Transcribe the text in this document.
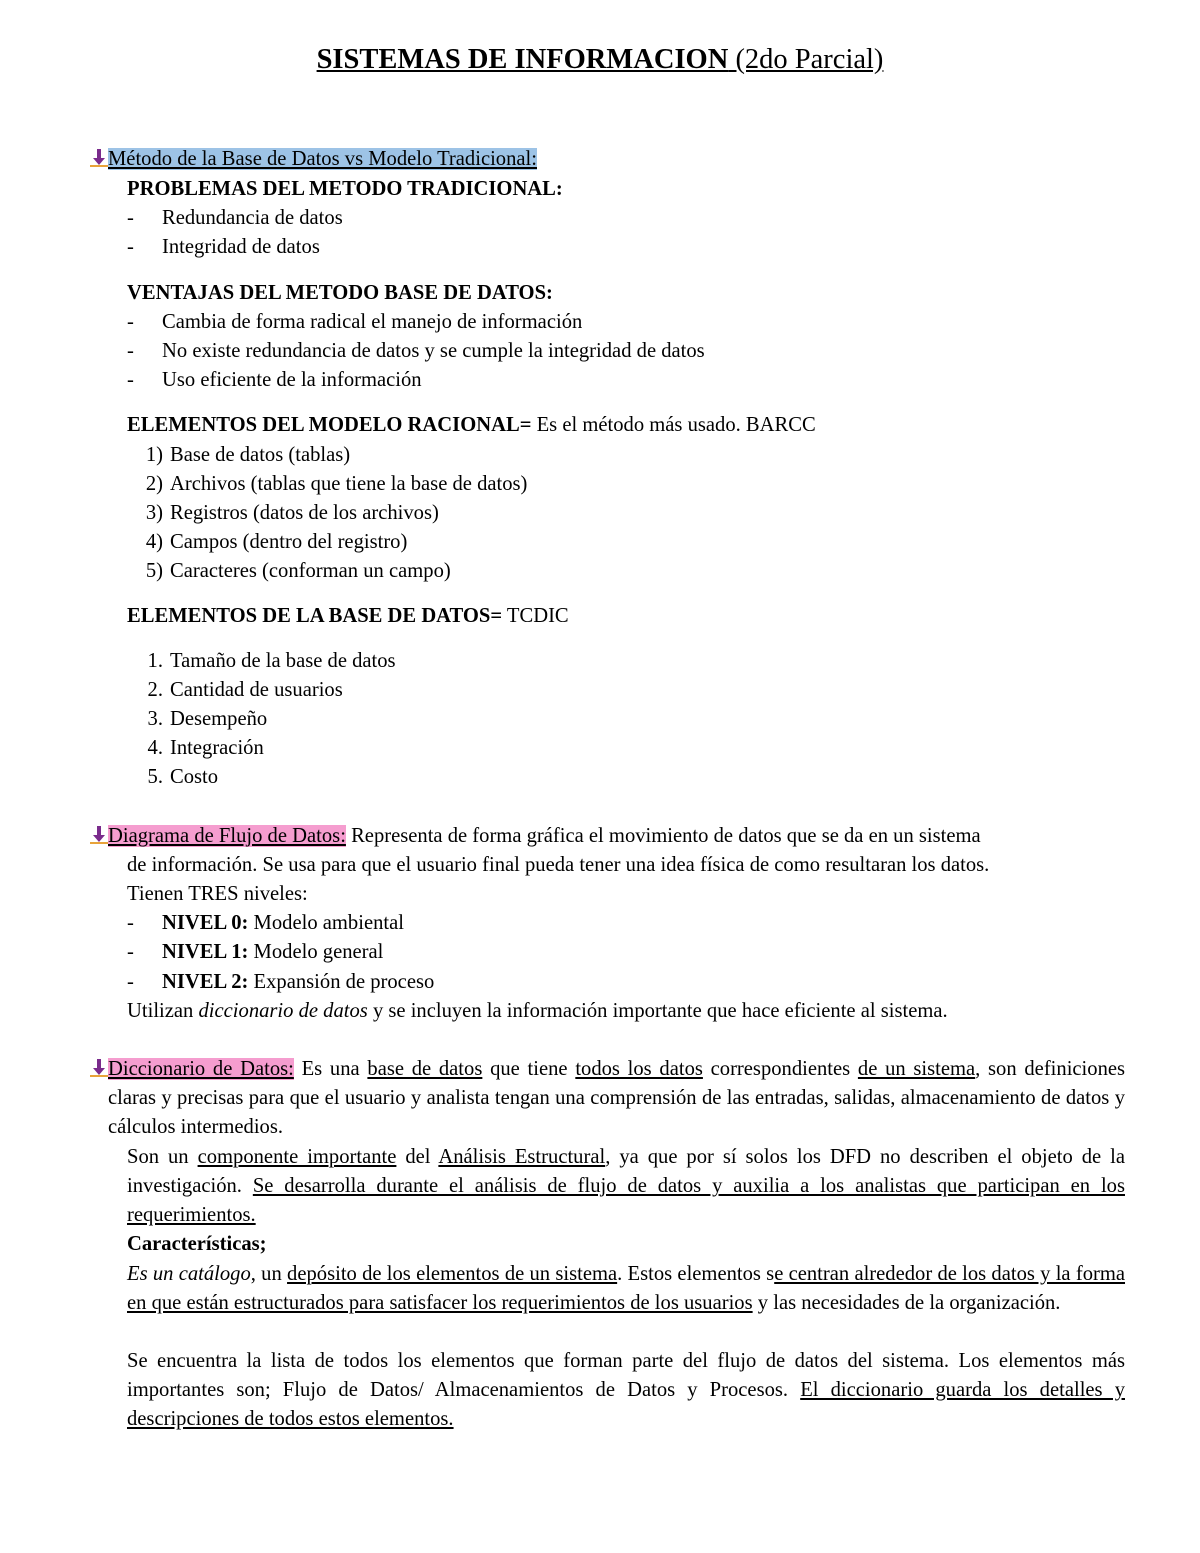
SISTEMAS DE INFORMACION (2do Parcial)
Método de la Base de Datos vs Modelo Tradicional:
PROBLEMAS DEL METODO TRADICIONAL:
- Redundancia de datos
- Integridad de datos
VENTAJAS DEL METODO BASE DE DATOS:
- Cambia de forma radical el manejo de información
- No existe redundancia de datos y se cumple la integridad de datos
- Uso eficiente de la información
ELEMENTOS DEL MODELO RACIONAL= Es el método más usado. BARCC
1) Base de datos (tablas)
2) Archivos (tablas que tiene la base de datos)
3) Registros (datos de los archivos)
4) Campos (dentro del registro)
5) Caracteres (conforman un campo)
ELEMENTOS DE LA BASE DE DATOS= TCDIC
1. Tamaño de la base de datos
2. Cantidad de usuarios
3. Desempeño
4. Integración
5. Costo
Diagrama de Flujo de Datos: Representa de forma gráfica el movimiento de datos que se da en un sistema
de información. Se usa para que el usuario final pueda tener una idea física de como resultaran los datos.
Tienen TRES niveles:
- NIVEL 0: Modelo ambiental
- NIVEL 1: Modelo general
- NIVEL 2: Expansión de proceso
Utilizan diccionario de datos y se incluyen la información importante que hace eficiente al sistema.
Diccionario de Datos: Es una base de datos que tiene todos los datos correspondientes de un sistema, son definiciones claras y precisas para que el usuario y analista tengan una comprensión de las entradas, salidas, almacenamiento de datos y cálculos intermedios.
Son un componente importante del Análisis Estructural, ya que por sí solos los DFD no describen el objeto de la investigación. Se desarrolla durante el análisis de flujo de datos y auxilia a los analistas que participan en los requerimientos.
Características;
Es un catálogo, un depósito de los elementos de un sistema. Estos elementos se centran alrededor de los datos y la forma en que están estructurados para satisfacer los requerimientos de los usuarios y las necesidades de la organización.
Se encuentra la lista de todos los elementos que forman parte del flujo de datos del sistema. Los elementos más importantes son; Flujo de Datos/ Almacenamientos de Datos y Procesos. El diccionario guarda los detalles y descripciones de todos estos elementos.
